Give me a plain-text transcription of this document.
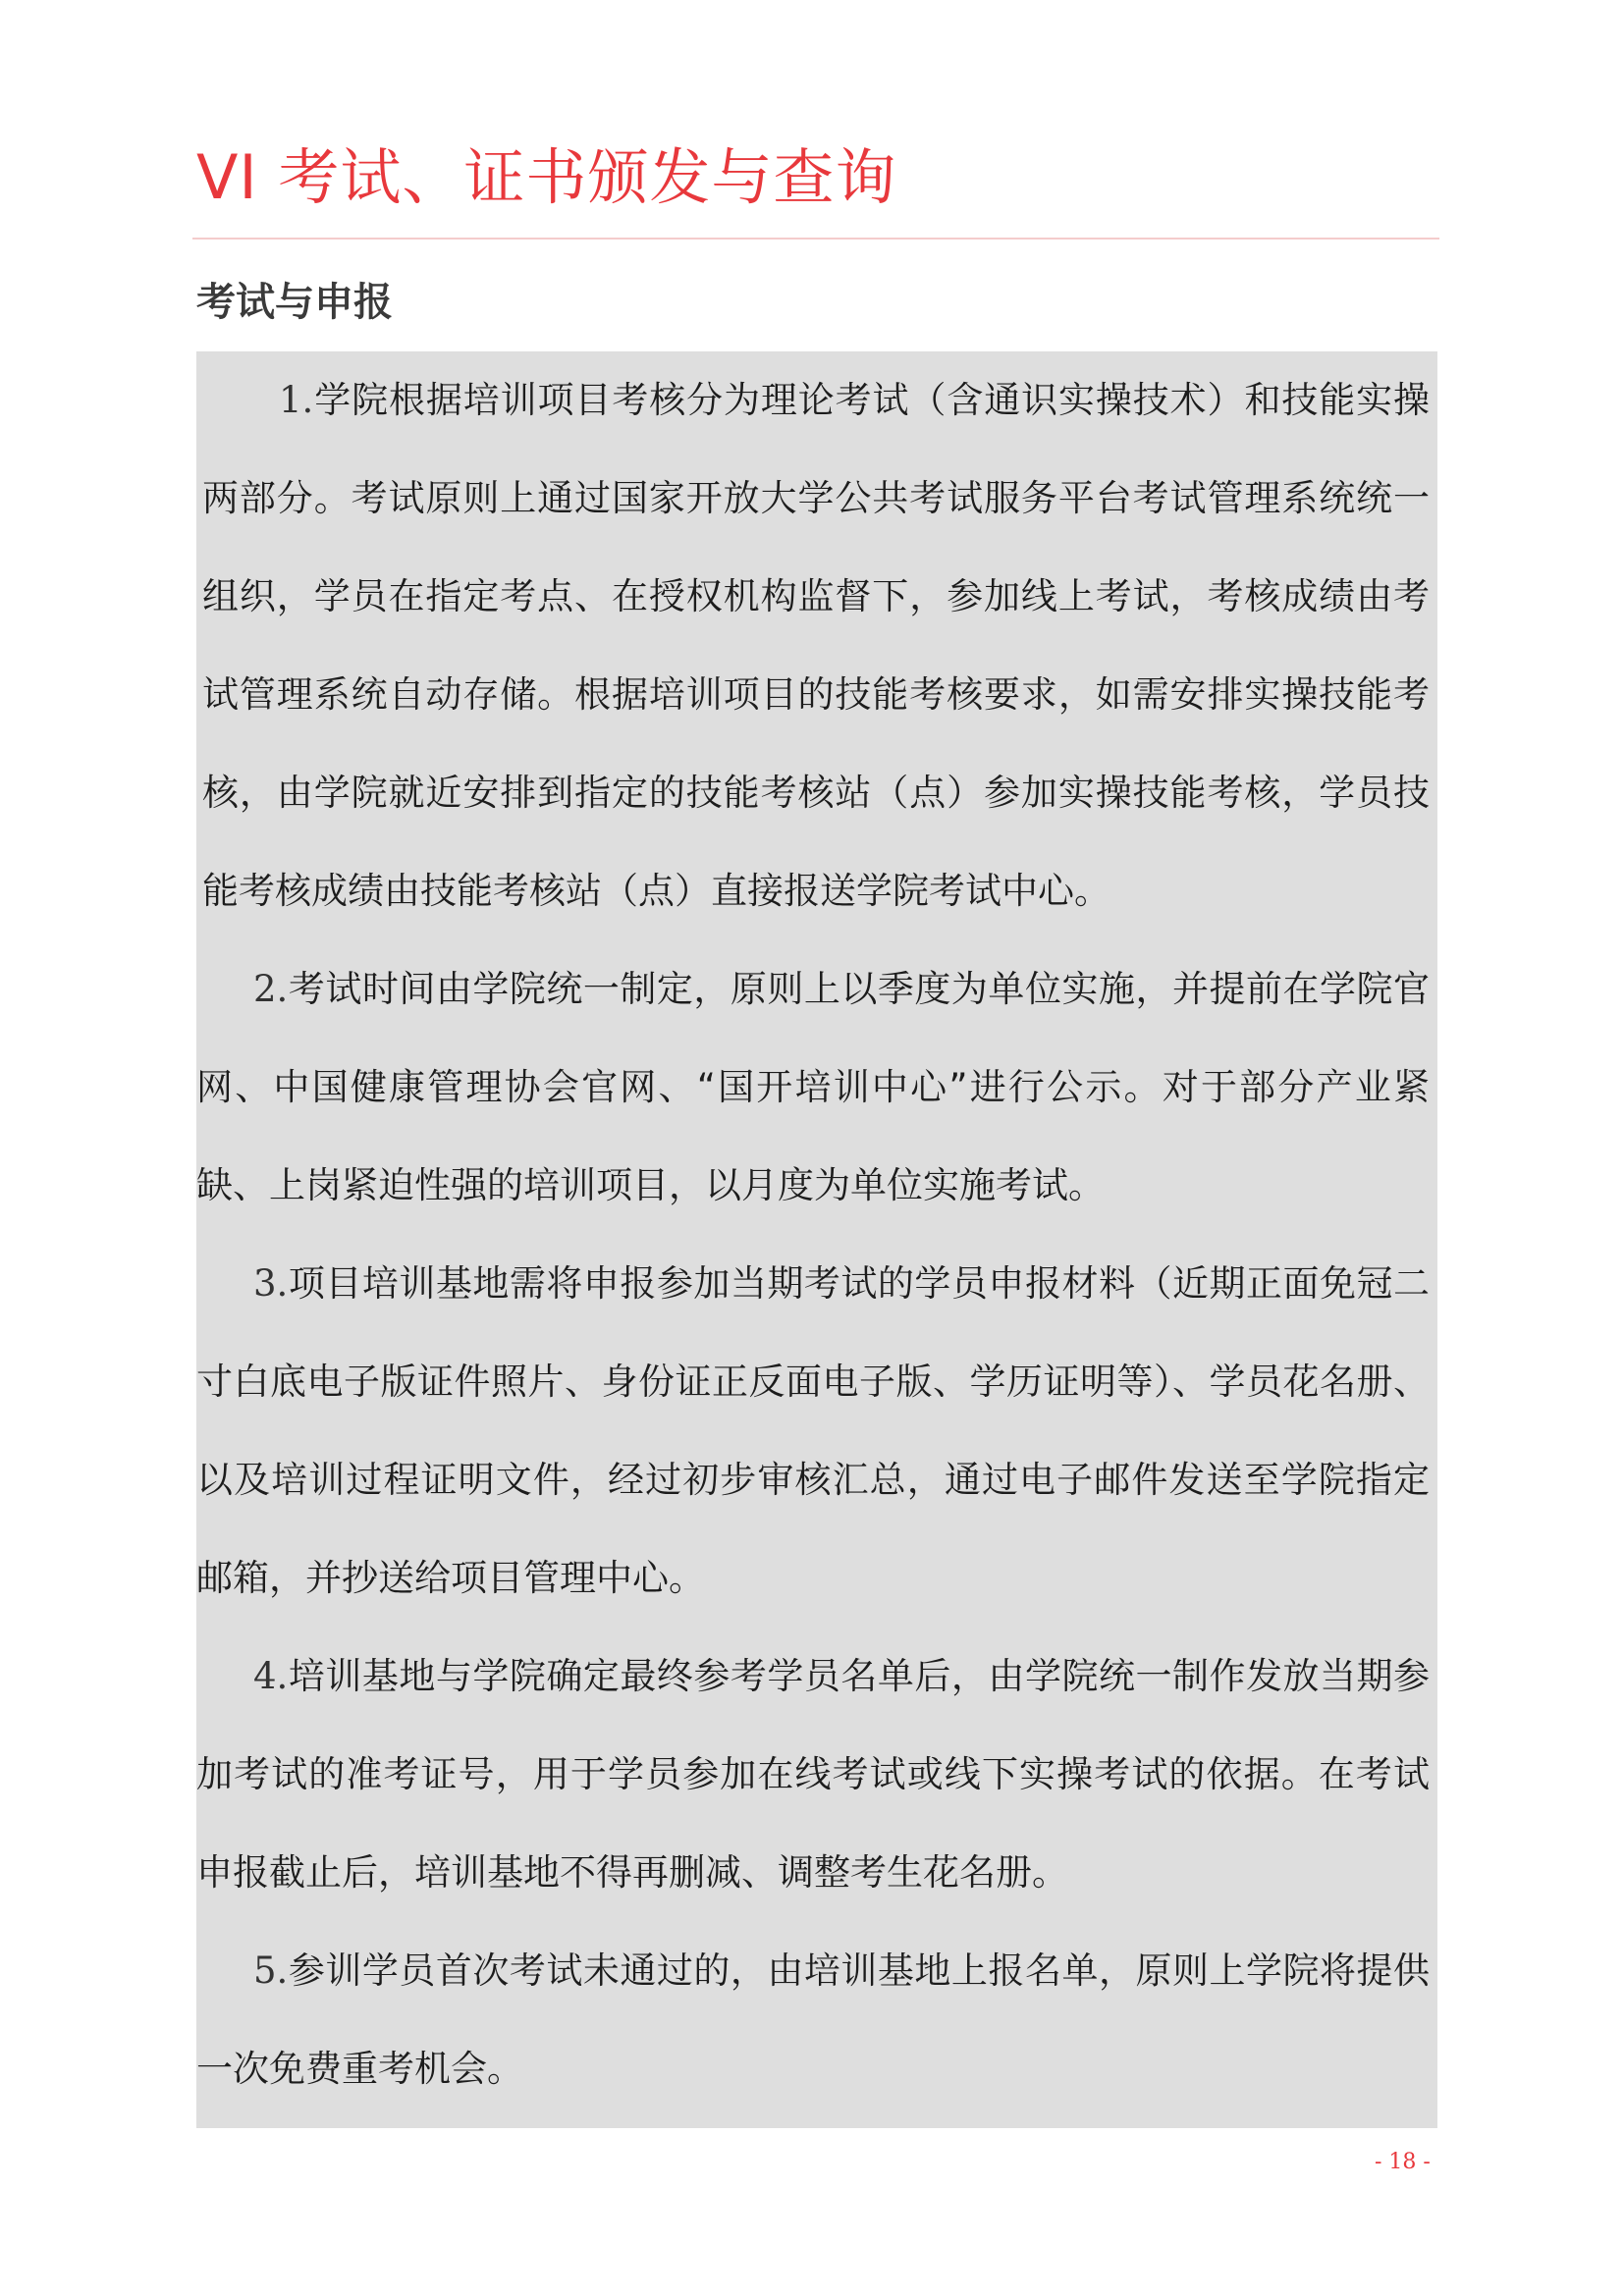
VI 考试、证书颁发与查询
考试与申报

1.学院根据培训项目考核分为理论考试（含通识实操技术）和技能实操两部分。考试原则上通过国家开放大学公共考试服务平台考试管理系统统一组织，学员在指定考点、在授权机构监督下，参加线上考试，考核成绩由考试管理系统自动存储。根据培训项目的技能考核要求，如需安排实操技能考核，由学院就近安排到指定的技能考核站（点）参加实操技能考核，学员技能考核成绩由技能考核站（点）直接报送学院考试中心。

2.考试时间由学院统一制定，原则上以季度为单位实施，并提前在学院官网、中国健康管理协会官网、“国开培训中心”进行公示。对于部分产业紧缺、上岗紧迫性强的培训项目，以月度为单位实施考试。

3.项目培训基地需将申报参加当期考试的学员申报材料（近期正面免冠二寸白底电子版证件照片、身份证正反面电子版、学历证明等）、学员花名册、以及培训过程证明文件，经过初步审核汇总，通过电子邮件发送至学院指定邮箱，并抄送给项目管理中心。

4.培训基地与学院确定最终参考学员名单后，由学院统一制作发放当期参加考试的准考证号，用于学员参加在线考试或线下实操考试的依据。在考试申报截止后，培训基地不得再删减、调整考生花名册。

5.参训学员首次考试未通过的，由培训基地上报名单，原则上学院将提供一次免费重考机会。

- 18 -
